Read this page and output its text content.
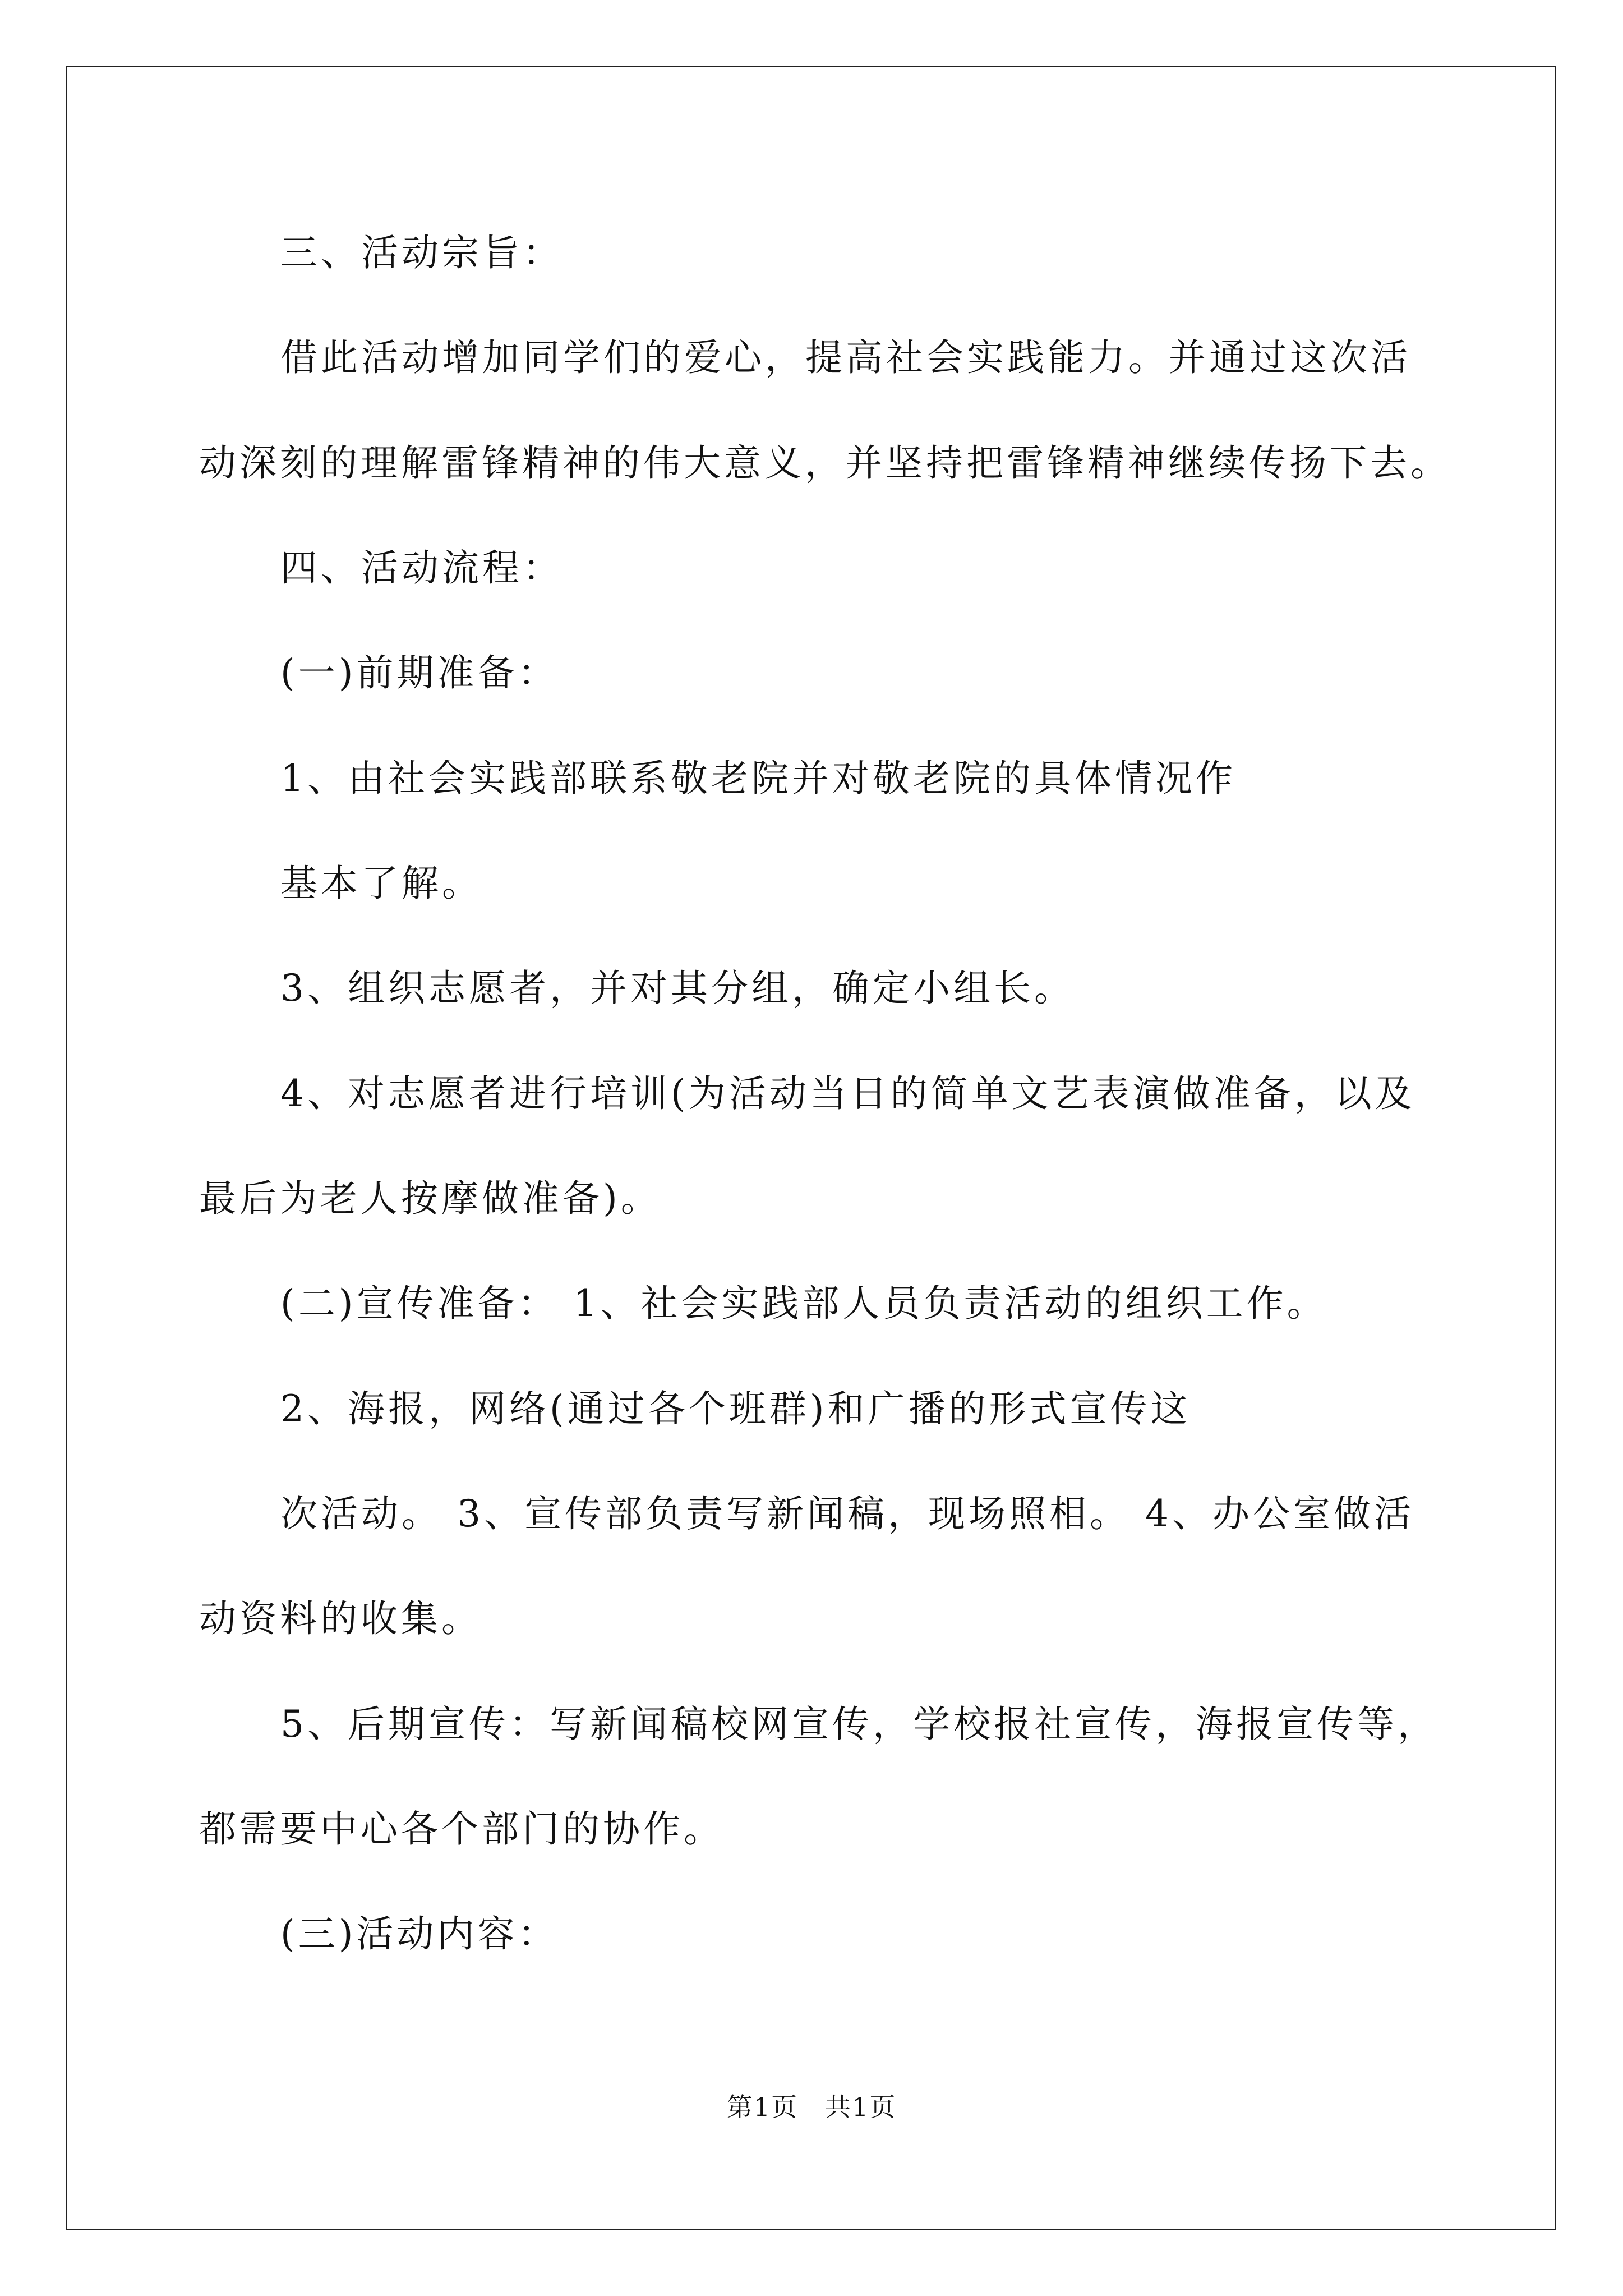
三、活动宗旨：
借此活动增加同学们的爱心，提高社会实践能力。并通过这次活
动深刻的理解雷锋精神的伟大意义，并坚持把雷锋精神继续传扬下去。
四、活动流程：
(一)前期准备：
1、由社会实践部联系敬老院并对敬老院的具体情况作
基本了解。
3、组织志愿者，并对其分组，确定小组长。
4、对志愿者进行培训(为活动当日的简单文艺表演做准备，以及
最后为老人按摩做准备)。
(二)宣传准备： 1、社会实践部人员负责活动的组织工作。
2、海报，网络(通过各个班群)和广播的形式宣传这
次活动。 3、宣传部负责写新闻稿，现场照相。 4、办公室做活
动资料的收集。
5、后期宣传：写新闻稿校网宣传，学校报社宣传，海报宣传等，
都需要中心各个部门的协作。
(三)活动内容：
第1页　共1页
